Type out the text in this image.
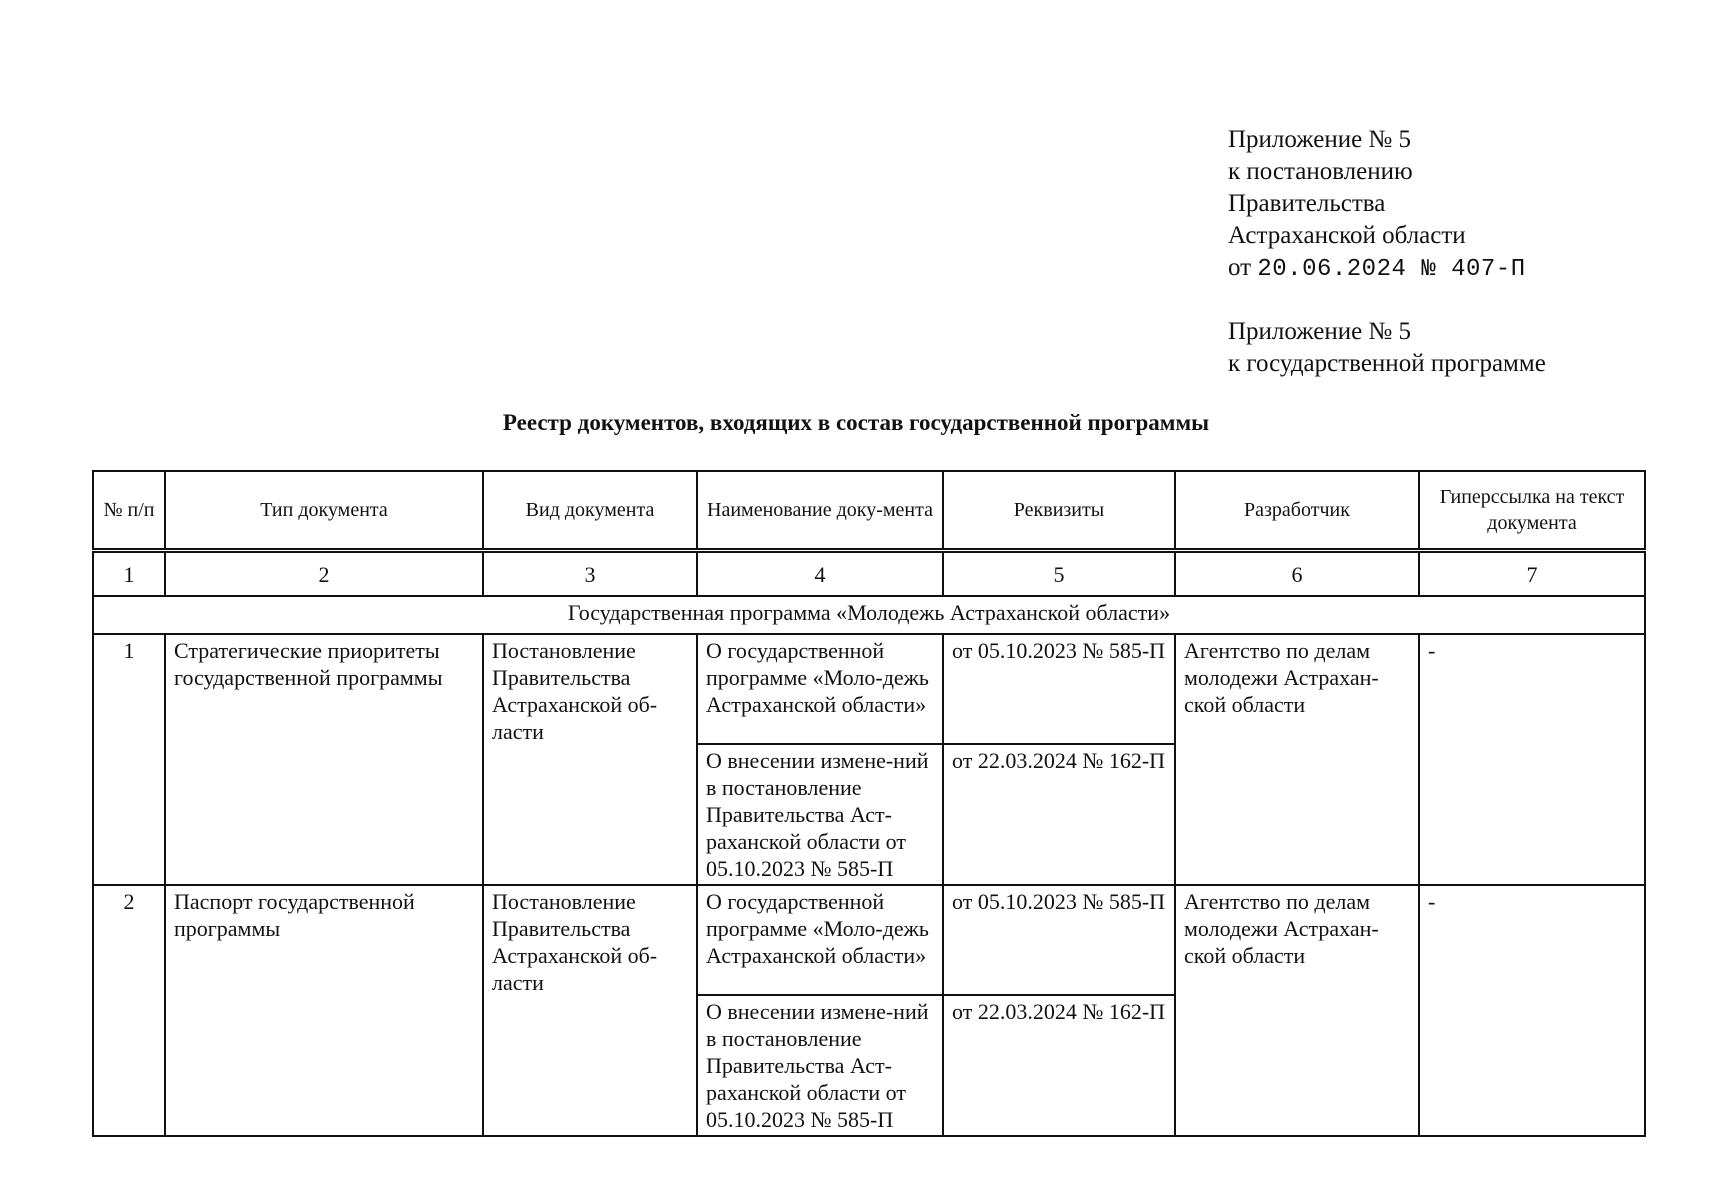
Приложение № 5
к постановлению
Правительства
Астраханской области
от 20.06.2024 № 407-П
Приложение № 5
к государственной программе
Реестр документов, входящих в состав государственной программы
№ п/п	Тип документа	Вид документа	Наименование доку-мента	Реквизиты	Разработчик	Гиперссылка на текст документа
1	2	3	4	5	6	7
Государственная программа «Молодежь Астраханской области»						
1	Стратегические приоритеты государственной программы	Постановление Правительства Астраханской об-ласти	О государственной программе «Моло-дежь Астраханской области»	от 05.10.2023 № 585-П	Агентство по делам молодежи Астрахан-ской области	-
			О внесении измене-ний в постановление Правительства Аст-раханской области от 05.10.2023 № 585-П	от 22.03.2024 № 162-П		
2	Паспорт государственной программы	Постановление Правительства Астраханской об-ласти	О государственной программе «Моло-дежь Астраханской области»	от 05.10.2023 № 585-П	Агентство по делам молодежи Астрахан-ской области	-
			О внесении измене-ний в постановление Правительства Аст-раханской области от 05.10.2023 № 585-П	от 22.03.2024 № 162-П		
